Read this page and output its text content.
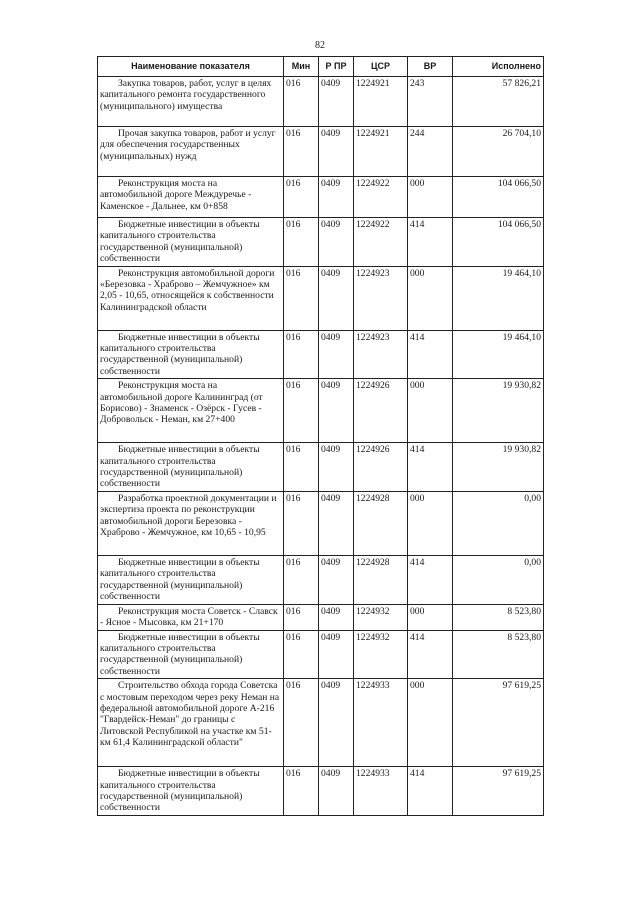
82
Наименование показателя	Мин	Р ПР	ЦСР	ВР	Исполнено
Закупка товаров, работ, услуг в целях капитального ремонта государственного (муниципального) имущества	016	0409	1224921	243	57 826,21
Прочая закупка товаров, работ и услуг для обеспечения государственных (муниципальных) нужд	016	0409	1224921	244	26 704,10
Реконструкция моста на автомобильной дороге Междуречье - Каменское - Дальнее, км 0+858	016	0409	1224922	000	104 066,50
Бюджетные инвестиции в объекты капитального строительства государственной (муниципальной) собственности	016	0409	1224922	414	104 066,50
Реконструкция автомобильной дороги «Березовка - Храброво – Жемчужное» км 2,05 - 10,65, относящейся к собственности Калининградской области	016	0409	1224923	000	19 464,10
Бюджетные инвестиции в объекты капитального строительства государственной (муниципальной) собственности	016	0409	1224923	414	19 464,10
Реконструкция моста на автомобильной дороге Калининград (от Борисово) - Знаменск - Озёрск - Гусев - Добровольск - Неман, км 27+400	016	0409	1224926	000	19 930,82
Бюджетные инвестиции в объекты капитального строительства государственной (муниципальной) собственности	016	0409	1224926	414	19 930,82
Разработка проектной документации и экспертиза проекта по реконструкции автомобильной дороги Березовка - Храброво - Жемчужное, км 10,65 - 10,95	016	0409	1224928	000	0,00
Бюджетные инвестиции в объекты капитального строительства государственной (муниципальной) собственности	016	0409	1224928	414	0,00
Реконструкция моста Советск - Славск - Ясное - Мысовка, км 21+170	016	0409	1224932	000	8 523,80
Бюджетные инвестиции в объекты капитального строительства государственной (муниципальной) собственности	016	0409	1224932	414	8 523,80
Строительство обхода города Советска с мостовым переходом через реку Неман на федеральной автомобильной дороге А-216 "Гвардейск-Неман" до границы с Литовской Республикой на участке км 51-км 61,4 Калининградской области"	016	0409	1224933	000	97 619,25
Бюджетные инвестиции в объекты капитального строительства государственной (муниципальной) собственности	016	0409	1224933	414	97 619,25
